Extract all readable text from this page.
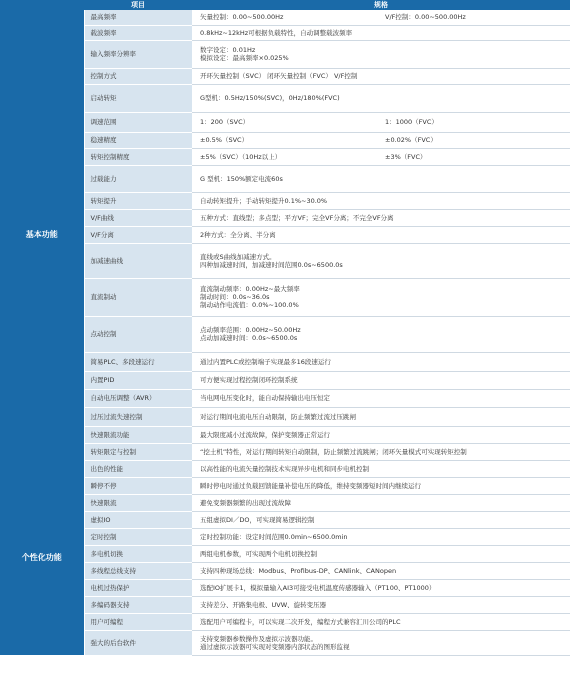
	项目	规格
基本功能	最高频率	矢量控制：0.00~500.00Hz V/F控制：0.00~500.00Hz

	载波频率	0.8kHz~12kHz可根据负载特性，自动调整载波频率

	输入频率分辨率	数字设定：0.01Hz
模拟设定：最高频率×0.025%

	控制方式	开环矢量控制（SVC） 闭环矢量控制（FVC） V/F控制

	启动转矩	G型机：0.5Hz/150%(SVC)，0Hz/180%(FVC)

	调速范围	1：200（SVC） 1：1000（FVC）

	稳速精度	±0.5%（SVC） ±0.02%（FVC）

	转矩控制精度	±5%（SVC）（10Hz以上） ±3%（FVC）

	过载能力	G 型机：150%额定电流60s

	转矩提升	自动转矩提升；手动转矩提升0.1%~30.0%

	V/F曲线	五种方式：直线型；多点型；平方VF；完全VF分离；不完全VF分离

	V/F分离	2种方式：全分离、半分离

	加减速曲线	直线或S曲线加减速方式。
四种加减速时间，加减速时间范围0.0s~6500.0s

	直流制动	直流制动频率：0.00Hz~最大频率
制动时间：0.0s~36.0s
制动动作电流值：0.0%~100.0%

	点动控制	点动频率范围：0.00Hz~50.00Hz
点动加减速时间：0.0s~6500.0s

	简易PLC、多段速运行	通过内置PLC或控制端子实现最多16段速运行

	内置PID	可方便实现过程控制闭环控制系统

	自动电压调整（AVR）	当电网电压变化时，能自动保持输出电压恒定

	过压过流失速控制	对运行期间电流电压自动限制，防止频繁过流过压跳闸

	快速限流功能	最大限度减小过流故障，保护变频器正常运行

	转矩限定与控制	“挖土机”特性，对运行期间转矩自动限制，防止频繁过流跳闸；闭环矢量模式可实现转矩控制

个性化功能	出色的性能	以高性能的电流矢量控制技术实现异步电机和同步电机控制

	瞬停不停	瞬时停电时通过负载回馈能量补偿电压的降低，维持变频器短时间内继续运行

	快速限流	避免变频器频繁的出现过流故障

	虚拟IO	五组虚拟DI／DO，可实现简易逻辑控制

	定时控制	定时控制功能：设定时间范围0.0min~6500.0min

	多电机切换	两组电机参数，可实现两个电机切换控制

	多线程总线支持	支持四种现场总线：Modbus、Profibus-DP、CANlink、CANopen

	电机过热保护	选配IO扩展卡1，模拟量输入AI3可接受电机温度传感器输入（PT100、PT1000）

	多编码器支持	支持差分、开路集电极、UVW、旋转变压器

	用户可编程	选配用户可编程卡，可以实现二次开发，编程方式兼容汇川公司的PLC

	强大的后台软件	支持变频器参数操作及虚拟示波器功能。
通过虚拟示波器可实现对变频器内部状态的图形监视
